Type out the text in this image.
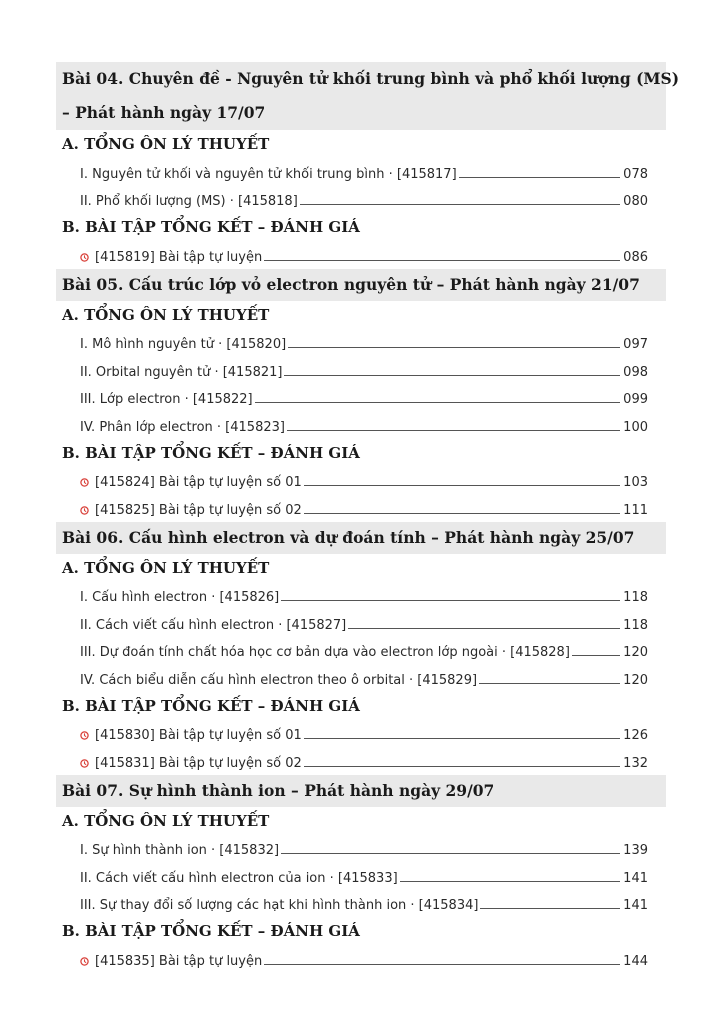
Bài 04. Chuyên đề - Nguyên tử khối trung bình và phổ khối lượng (MS)
– Phát hành ngày 17/07
A. TỔNG ÔN LÝ THUYẾT
I. Nguyên tử khối và nguyên tử khối trung bình · [415817]	078
II. Phổ khối lượng (MS) · [415818]	080
B. BÀI TẬP TỔNG KẾT – ĐÁNH GIÁ
[415819] Bài tập tự luyện	086
Bài 05. Cấu trúc lớp vỏ electron nguyên tử – Phát hành ngày 21/07
A. TỔNG ÔN LÝ THUYẾT
I. Mô hình nguyên tử · [415820]	097
II. Orbital nguyên tử · [415821]	098
III. Lớp electron · [415822]	099
IV. Phân lớp electron · [415823]	100
B. BÀI TẬP TỔNG KẾT – ĐÁNH GIÁ
[415824] Bài tập tự luyện số 01	103
[415825] Bài tập tự luyện số 02	111
Bài 06. Cấu hình electron và dự đoán tính – Phát hành ngày 25/07
A. TỔNG ÔN LÝ THUYẾT
I. Cấu hình electron · [415826]	118
II. Cách viết cấu hình electron · [415827]	118
III. Dự đoán tính chất hóa học cơ bản dựa vào electron lớp ngoài · [415828]	120
IV. Cách biểu diễn cấu hình electron theo ô orbital · [415829]	120
B. BÀI TẬP TỔNG KẾT – ĐÁNH GIÁ
[415830] Bài tập tự luyện số 01	126
[415831] Bài tập tự luyện số 02	132
Bài 07. Sự hình thành ion – Phát hành ngày 29/07
A. TỔNG ÔN LÝ THUYẾT
I. Sự hình thành ion · [415832]	139
II. Cách viết cấu hình electron của ion · [415833]	141
III. Sự thay đổi số lượng các hạt khi hình thành ion · [415834]	141
B. BÀI TẬP TỔNG KẾT – ĐÁNH GIÁ
[415835] Bài tập tự luyện	144
